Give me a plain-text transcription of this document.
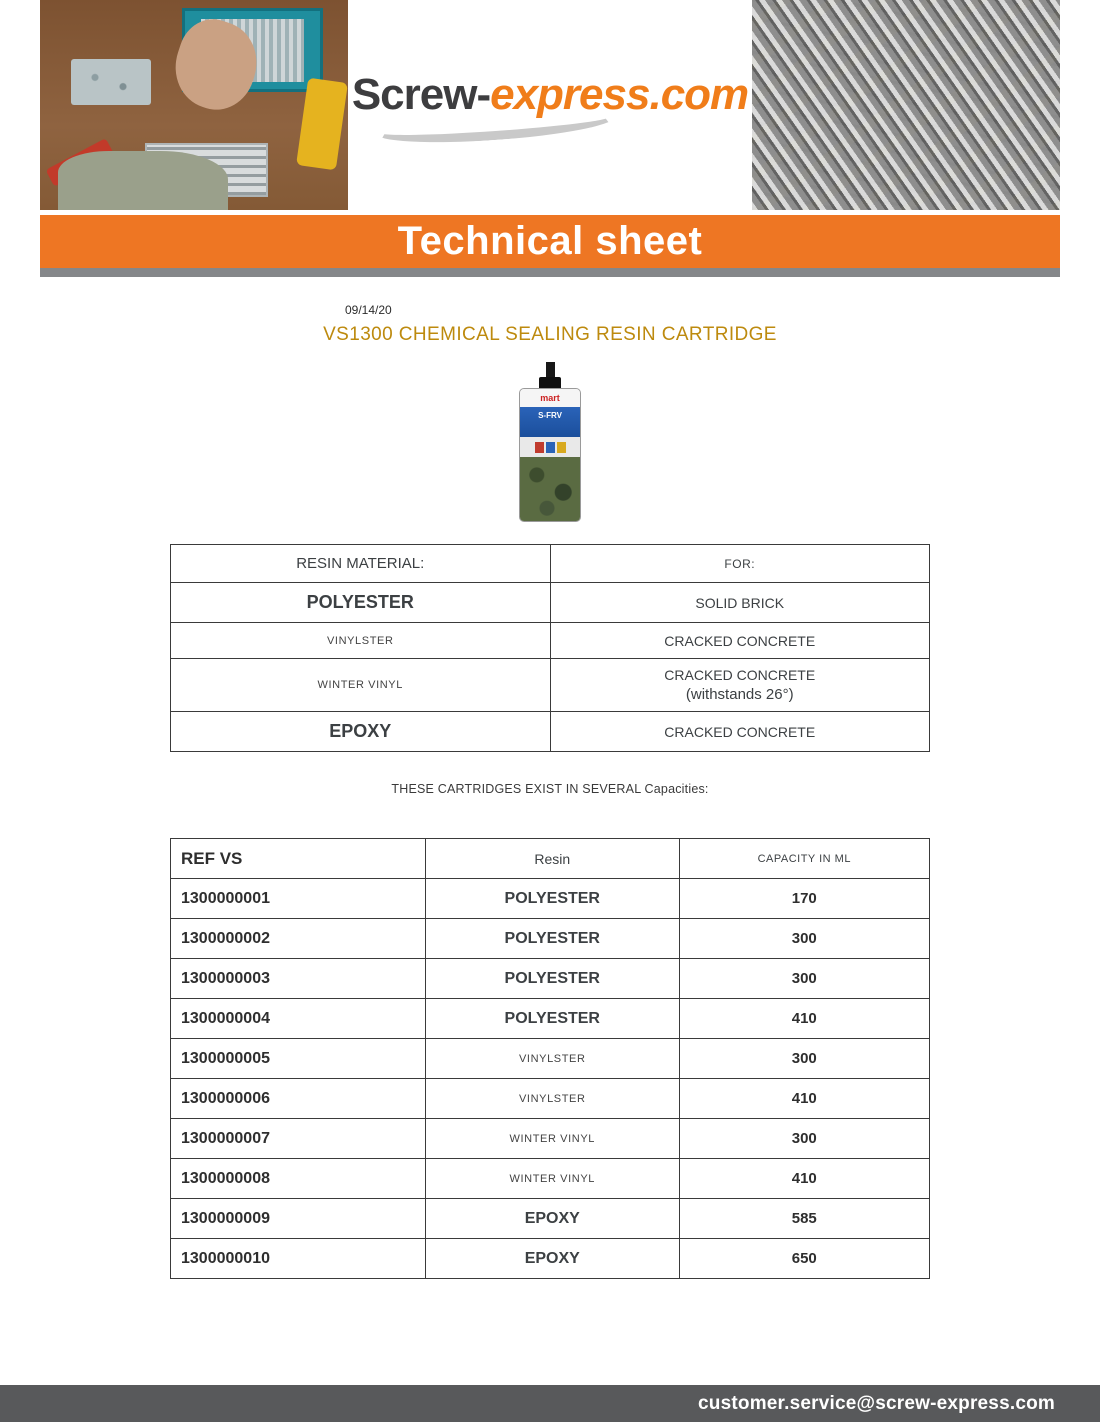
Screw-express.com
Technical sheet
09/14/20
VS1300 CHEMICAL SEALING RESIN CARTRIDGE
mart
S-FRV
RESIN MATERIAL:	FOR:
POLYESTER	SOLID BRICK

VINYLSTER	CRACKED CONCRETE

WINTER VINYL	CRACKED CONCRETE
(withstands 26°)

EPOXY	CRACKED CONCRETE
THESE CARTRIDGES EXIST IN SEVERAL Capacities:
REF VS	Resin	CAPACITY IN ML
1300000001	POLYESTER	170
1300000002	POLYESTER	300
1300000003	POLYESTER	300
1300000004	POLYESTER	410
1300000005	VINYLSTER	300
1300000006	VINYLSTER	410
1300000007	WINTER VINYL	300
1300000008	WINTER VINYL	410
1300000009	EPOXY	585
1300000010	EPOXY	650
customer.service@screw-express.com
